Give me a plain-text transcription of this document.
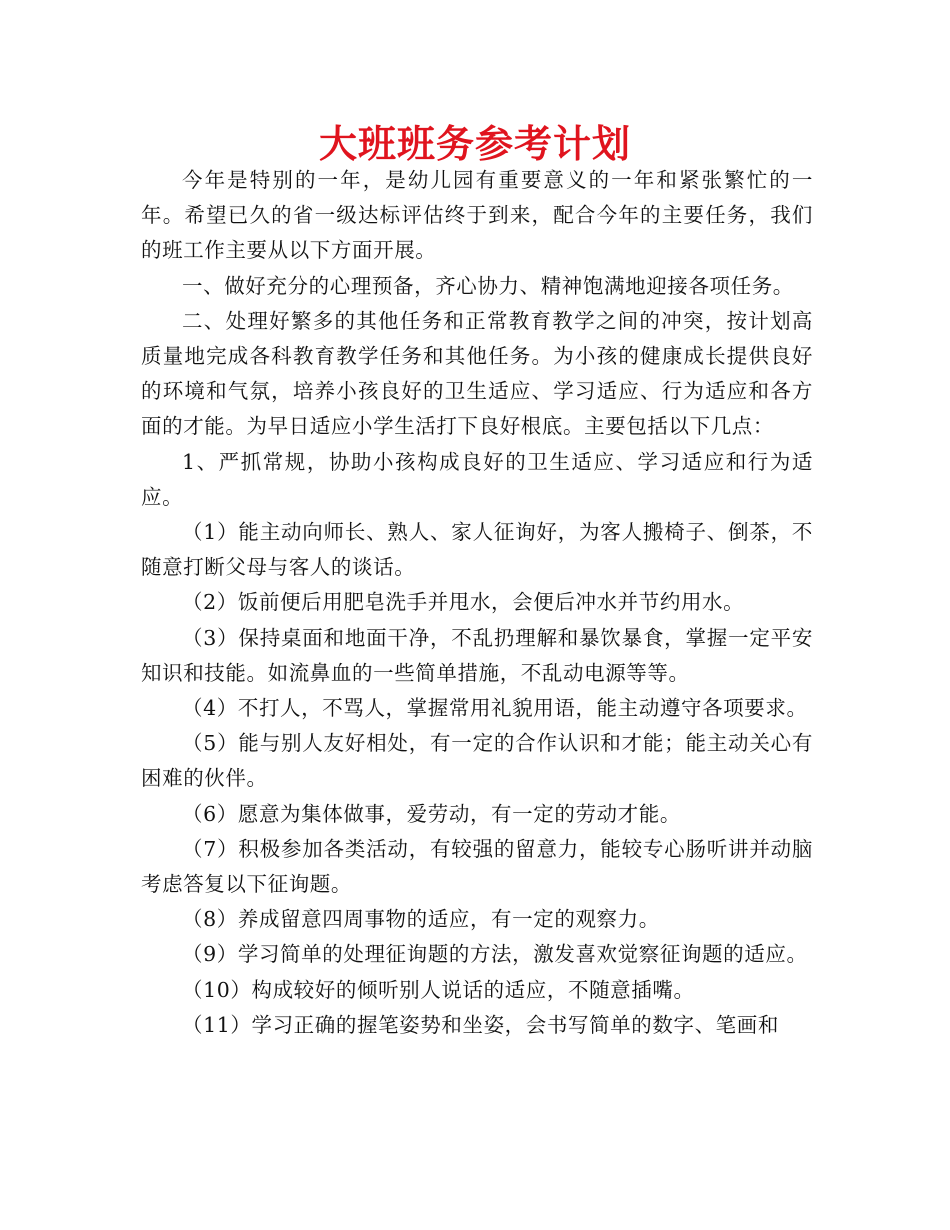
大班班务参考计划

今年是特别的一年，是幼儿园有重要意义的一年和紧张繁忙的一年。希望已久的省一级达标评估终于到来，配合今年的主要任务，我们的班工作主要从以下方面开展。

一、做好充分的心理预备，齐心协力、精神饱满地迎接各项任务。

二、处理好繁多的其他任务和正常教育教学之间的冲突，按计划高质量地完成各科教育教学任务和其他任务。为小孩的健康成长提供良好的环境和气氛，培养小孩良好的卫生适应、学习适应、行为适应和各方面的才能。为早日适应小学生活打下良好根底。主要包括以下几点：

1、严抓常规，协助小孩构成良好的卫生适应、学习适应和行为适应。

（1）能主动向师长、熟人、家人征询好，为客人搬椅子、倒茶，不随意打断父母与客人的谈话。

（2）饭前便后用肥皂洗手并甩水，会便后冲水并节约用水。

（3）保持桌面和地面干净，不乱扔理解和暴饮暴食，掌握一定平安知识和技能。如流鼻血的一些简单措施，不乱动电源等等。

（4）不打人，不骂人，掌握常用礼貌用语，能主动遵守各项要求。

（5）能与别人友好相处，有一定的合作认识和才能；能主动关心有困难的伙伴。

（6）愿意为集体做事，爱劳动，有一定的劳动才能。

（7）积极参加各类活动，有较强的留意力，能较专心肠听讲并动脑考虑答复以下征询题。

（8）养成留意四周事物的适应，有一定的观察力。

（9）学习简单的处理征询题的方法，激发喜欢觉察征询题的适应。

（10）构成较好的倾听别人说话的适应，不随意插嘴。

（11）学习正确的握笔姿势和坐姿，会书写简单的数字、笔画和
